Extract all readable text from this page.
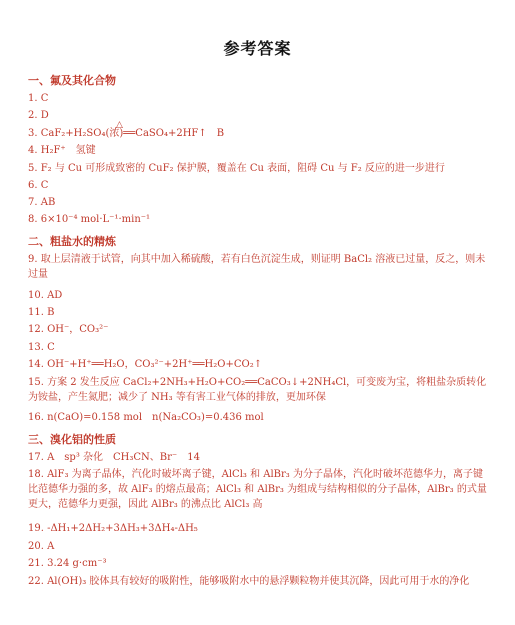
参考答案
一、氟及其化合物
1. C
2. D
△
3. CaF₂+H₂SO₄(浓)══CaSO₄+2HF↑　B
4. H₂F⁺　氢键
5. F₂ 与 Cu 可形成致密的 CuF₂ 保护膜，覆盖在 Cu 表面，阻碍 Cu 与 F₂ 反应的进一步进行
6. C
7. AB
8. 6×10⁻⁴ mol·L⁻¹·min⁻¹
二、粗盐水的精炼
9. 取上层清液于试管，向其中加入稀硫酸，若有白色沉淀生成，则证明 BaCl₂ 溶液已过量，反之，则未过量
10. AD
11. B
12. OH⁻，CO₃²⁻
13. C
14. OH⁻+H⁺══H₂O，CO₃²⁻+2H⁺══H₂O+CO₂↑
15. 方案 2 发生反应 CaCl₂+2NH₃+H₂O+CO₂══CaCO₃↓+2NH₄Cl，可变废为宝，将粗盐杂质转化为铵盐，产生氮肥；减少了 NH₃ 等有害工业气体的排放，更加环保
16. n(CaO)=0.158 mol　n(Na₂CO₃)=0.436 mol
三、溴化铝的性质
17. A　sp³ 杂化　CH₃CN、Br⁻　14
18. AlF₃ 为离子晶体，汽化时破坏离子键，AlCl₃ 和 AlBr₃ 为分子晶体，汽化时破坏范德华力，离子键比范德华力强的多，故 AlF₃ 的熔点最高；AlCl₃ 和 AlBr₃ 为组成与结构相似的分子晶体，AlBr₃ 的式量更大，范德华力更强，因此 AlBr₃ 的沸点比 AlCl₃ 高
19. -ΔH₁+2ΔH₂+3ΔH₃+3ΔH₄-ΔH₅
20. A
21. 3.24 g·cm⁻³
22. Al(OH)₃ 胶体具有较好的吸附性，能够吸附水中的悬浮颗粒物并使其沉降，因此可用于水的净化
